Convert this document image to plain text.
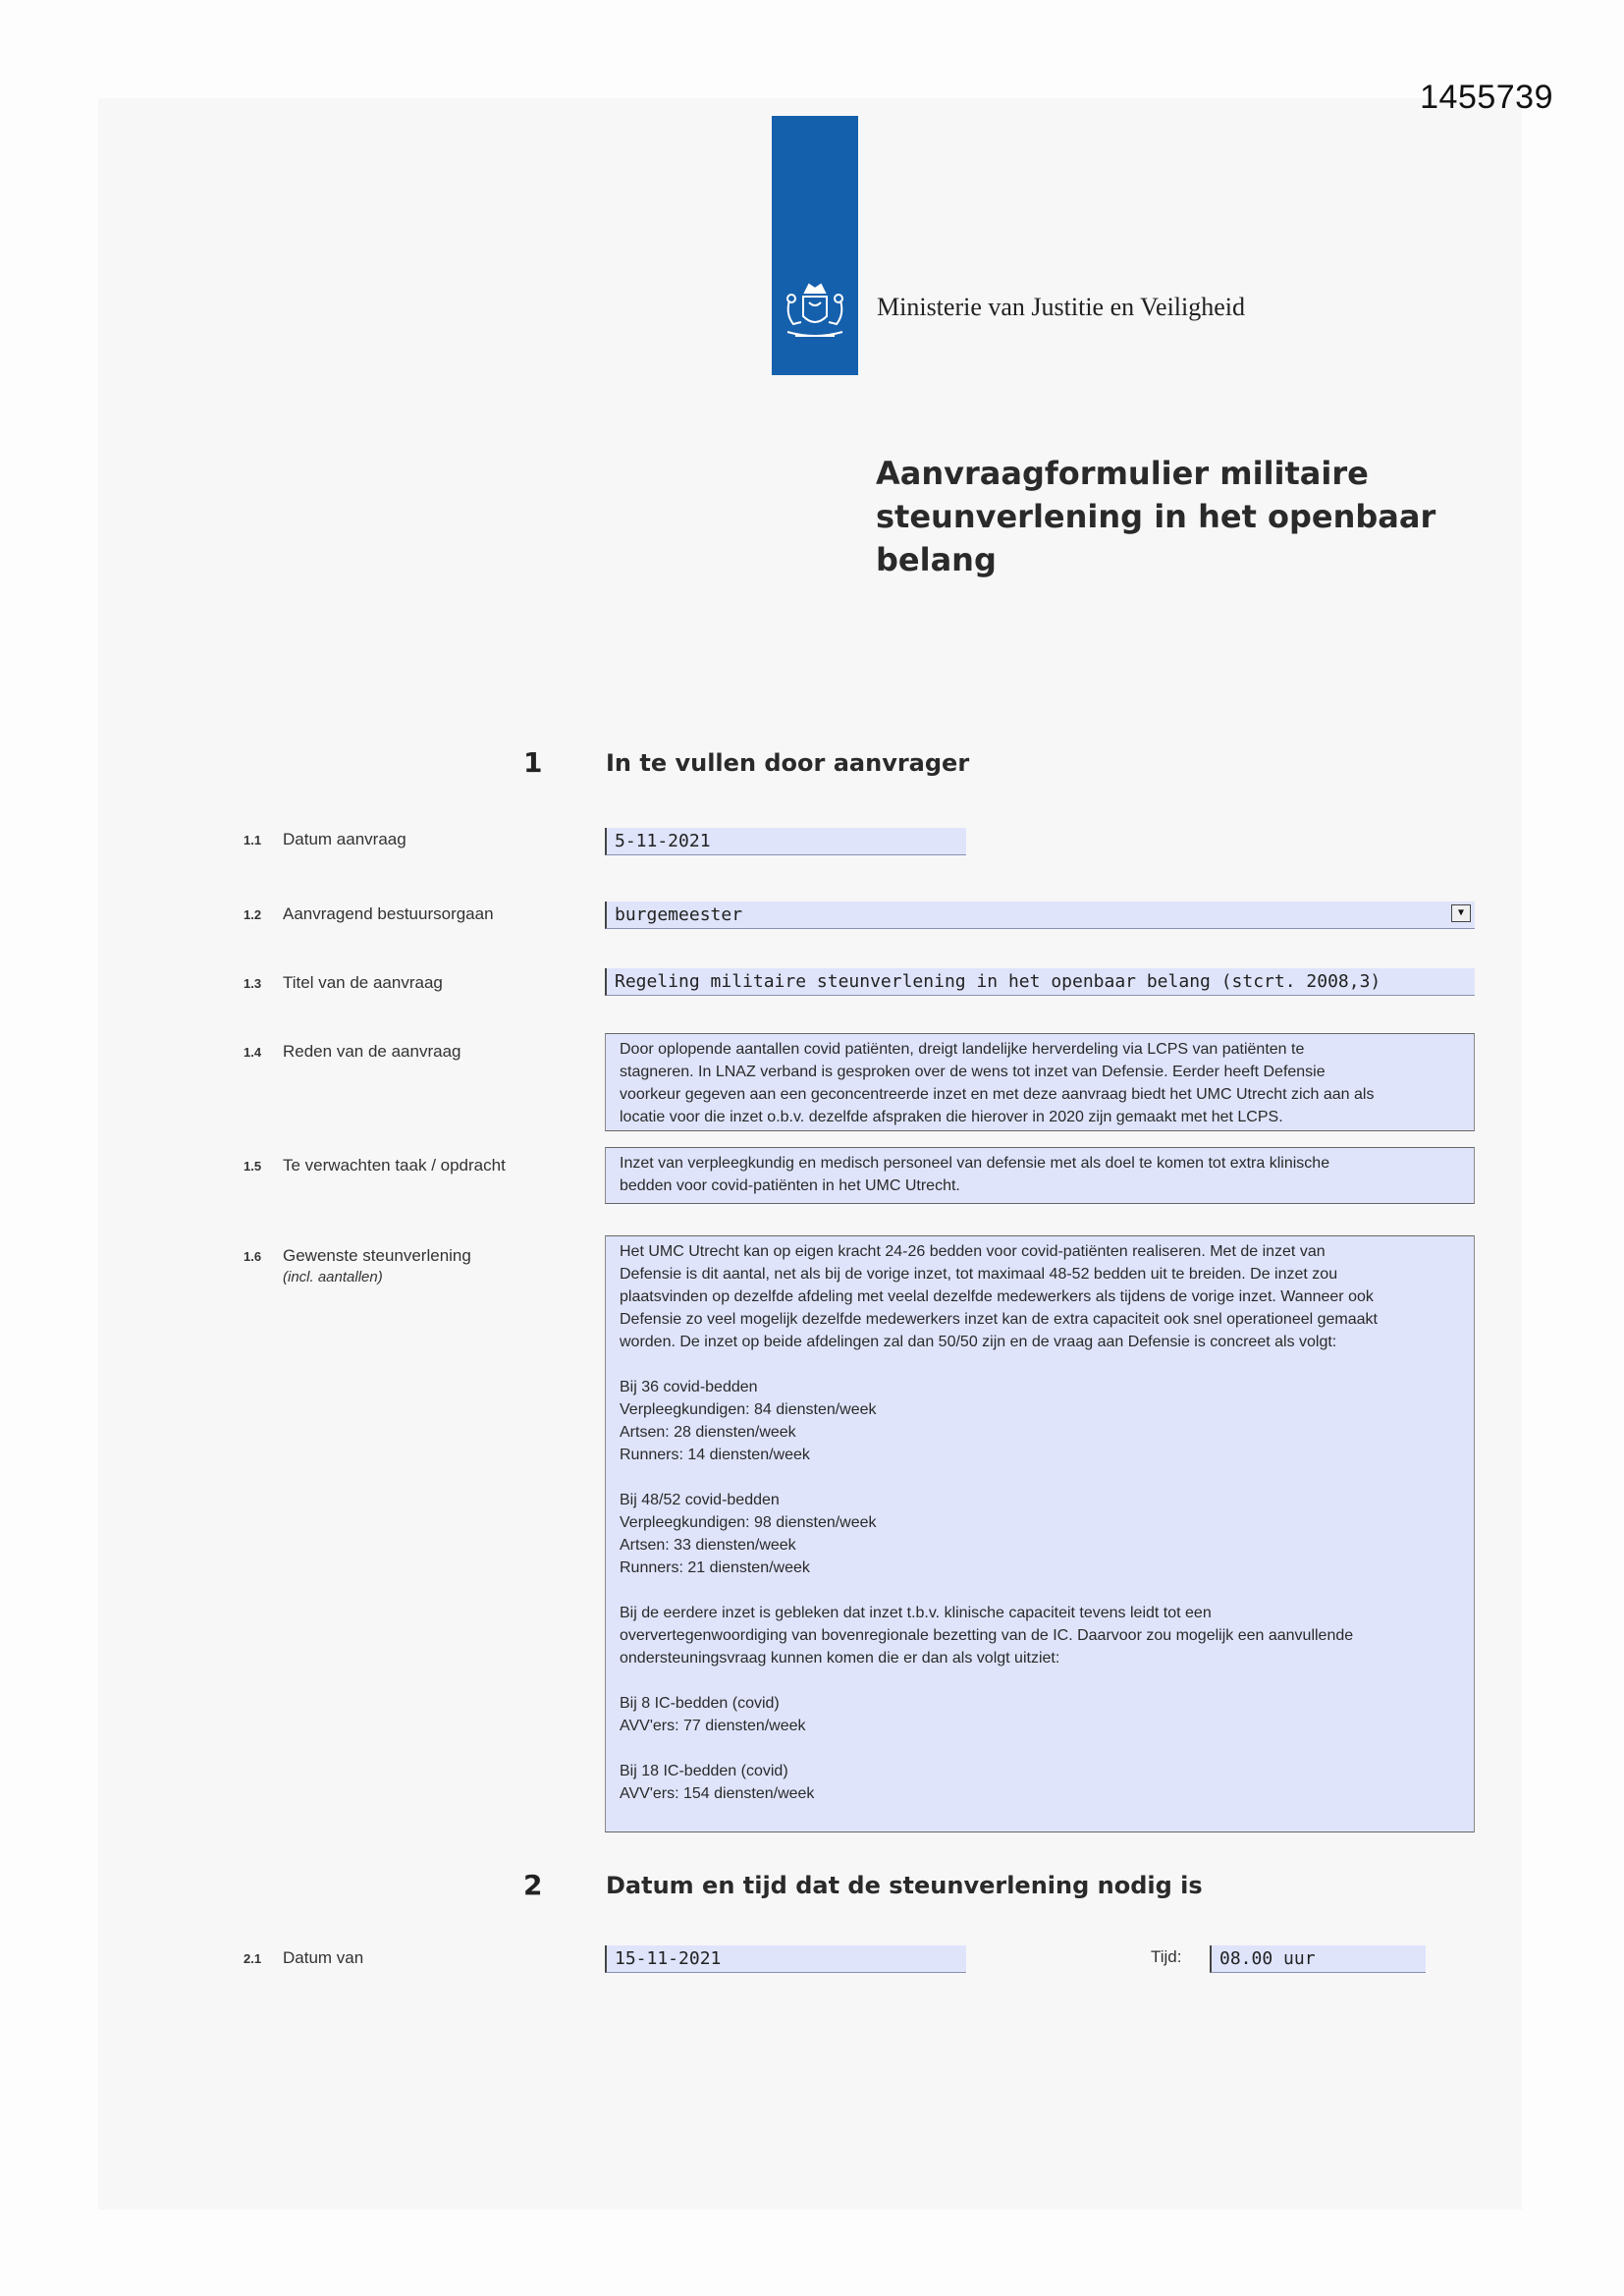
1455739
Ministerie van Justitie en Veiligheid
Aanvraagformulier militaire
steunverlening in het openbaar
belang
1	In te vullen door aanvrager
1.1 Datum aanvraag	5-11-2021
1.2 Aanvragend bestuursorgaan	burgemeester	▼
1.3 Titel van de aanvraag	Regeling militaire steunverlening in het openbaar belang (stcrt. 2008,3)
1.4 Reden van de aanvraag	Door oplopende aantallen covid patiënten, dreigt landelijke herverdeling via LCPS van patiënten te

stagneren. In LNAZ verband is gesproken over de wens tot inzet van Defensie. Eerder heeft Defensie

voorkeur gegeven aan een geconcentreerde inzet en met deze aanvraag biedt het UMC Utrecht zich aan als

locatie voor die inzet o.b.v. dezelfde afspraken die hierover in 2020 zijn gemaakt met het LCPS.

1.5 Te verwachten taak / opdracht	Inzet van verpleegkundig en medisch personeel van defensie met als doel te komen tot extra klinische

bedden voor covid-patiënten in het UMC Utrecht.

1.6 Gewenste steunverlening
(incl. aantallen)

Het UMC Utrecht kan op eigen kracht 24-26 bedden voor covid-patiënten realiseren. Met de inzet van

Defensie is dit aantal, net als bij de vorige inzet, tot maximaal 48-52 bedden uit te breiden. De inzet zou

plaatsvinden op dezelfde afdeling met veelal dezelfde medewerkers als tijdens de vorige inzet. Wanneer ook

Defensie zo veel mogelijk dezelfde medewerkers inzet kan de extra capaciteit ook snel operationeel gemaakt

worden. De inzet op beide afdelingen zal dan 50/50 zijn en de vraag aan Defensie is concreet als volgt:

Bij 36 covid-bedden

Verpleegkundigen: 84 diensten/week

Artsen: 28 diensten/week

Runners: 14 diensten/week

Bij 48/52 covid-bedden

Verpleegkundigen: 98 diensten/week

Artsen: 33 diensten/week

Runners: 21 diensten/week

Bij de eerdere inzet is gebleken dat inzet t.b.v. klinische capaciteit tevens leidt tot een

oververtegenwoordiging van bovenregionale bezetting van de IC. Daarvoor zou mogelijk een aanvullende

ondersteuningsvraag kunnen komen die er dan als volgt uitziet:

Bij 8 IC-bedden (covid)

AVV'ers: 77 diensten/week

Bij 18 IC-bedden (covid)

AVV'ers: 154 diensten/week

2	Datum en tijd dat de steunverlening nodig is
2.1 Datum van	15-11-2021	Tijd:	08.00 uur
